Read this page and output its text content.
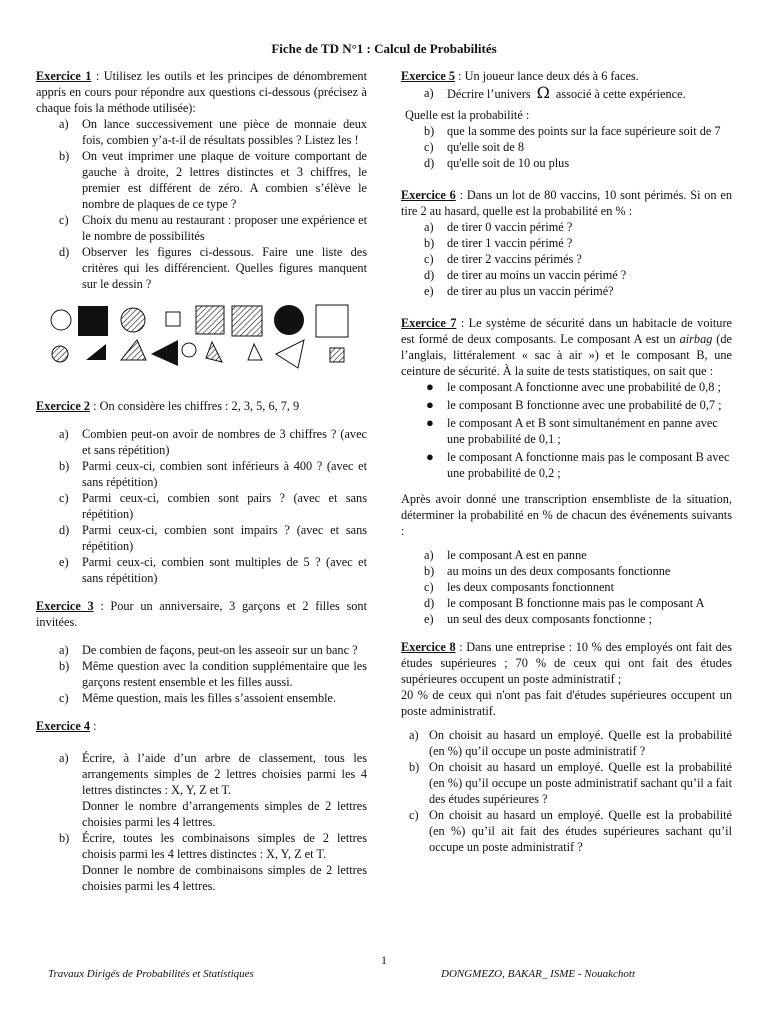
Fiche de TD N°1 : Calcul de Probabilités

Exercice 1 : Utilisez les outils et les principes de dénombrement appris en cours pour répondre aux questions ci-dessous (précisez à chaque fois la méthode utilisée):

a) On lance successivement une pièce de monnaie deux fois, combien y’a-t-il de résultats possibles ? Listez les !
b) On veut imprimer une plaque de voiture comportant de gauche à droite, 2 lettres distinctes et 3 chiffres, le premier est différent de zéro. A combien s’élève le nombre de plaques de ce type ?
c) Choix du menu au restaurant : proposer une expérience et le nombre de possibilités
d) Observer les figures ci-dessous. Faire une liste des critères qui les différencient. Quelles figures manquent sur le dessin ?

Exercice 2 : On considère les chiffres : 2, 3, 5, 6, 7, 9

a) Combien peut-on avoir de nombres de 3 chiffres ? (avec et sans répétition)
b) Parmi ceux-ci, combien sont inférieurs à 400 ? (avec et sans répétition)
c) Parmi ceux-ci, combien sont pairs ? (avec et sans répétition)
d) Parmi ceux-ci, combien sont impairs ? (avec et sans répétition)
e) Parmi ceux-ci, combien sont multiples de 5 ? (avec et sans répétition)

Exercice 3 : Pour un anniversaire, 3 garçons et 2 filles sont invitées.

a) De combien de façons, peut-on les asseoir sur un banc ?
b) Même question avec la condition supplémentaire que les garçons restent ensemble et les filles aussi.
c) Même question, mais les filles s’assoient ensemble.

Exercice 4 :

a) Écrire, à l’aide d’un arbre de classement, tous les arrangements simples de 2 lettres choisies parmi les 4 lettres distinctes : X, Y, Z et T.
Donner le nombre d’arrangements simples de 2 lettres choisies parmi les 4 lettres.
b) Écrire, toutes les combinaisons simples de 2 lettres choisis parmi les 4 lettres distinctes : X, Y, Z et T.
Donner le nombre de combinaisons simples de 2 lettres choisies parmi les 4 lettres.

Exercice 5 : Un joueur lance deux dés à 6 faces.

a) Décrire l’univers Ω associé à cette expérience.

Quelle est la probabilité :

b) que la somme des points sur la face supérieure soit de 7
c) qu'elle soit de 8
d) qu'elle soit de 10 ou plus

Exercice 6 : Dans un lot de 80 vaccins, 10 sont périmés. Si on en tire 2 au hasard, quelle est la probabilité en % :

a) de tirer 0 vaccin périmé ?
b) de tirer 1 vaccin périmé ?
c) de tirer 2 vaccins périmés ?
d) de tirer au moins un vaccin périmé ?
e) de tirer au plus un vaccin périmé?

Exercice 7 : Le système de sécurité dans un habitacle de voiture est formé de deux composants. Le composant A est un airbag (de l’anglais, littéralement « sac à air ») et le composant B, une ceinture de sécurité. À la suite de tests statistiques, on sait que :

● le composant A fonctionne avec une probabilité de 0,8 ;
● le composant B fonctionne avec une probabilité de 0,7 ;
● le composant A et B sont simultanément en panne avec une probabilité de 0,1 ;
● le composant A fonctionne mais pas le composant B avec une probabilité de 0,2 ;

Après avoir donné une transcription ensembliste de la situation, déterminer la probabilité en % de chacun des événements suivants :

a) le composant A est en panne
b) au moins un des deux composants fonctionne
c) les deux composants fonctionnent
d) le composant B fonctionne mais pas le composant A
e) un seul des deux composants fonctionne ;

Exercice 8 : Dans une entreprise : 10 % des employés ont fait des études supérieures ; 70 % de ceux qui ont fait des études supérieures occupent un poste administratif ;

20 % de ceux qui n'ont pas fait d'études supérieures occupent un poste administratif.

a) On choisit au hasard un employé. Quelle est la probabilité (en %) qu’il occupe un poste administratif ?
b) On choisit au hasard un employé. Quelle est la probabilité (en %) qu’il occupe un poste administratif sachant qu’il a fait des études supérieures ?
c) On choisit au hasard un employé. Quelle est la probabilité (en %) qu’il ait fait des études supérieures sachant qu’il occupe un poste administratif ?
1
Travaux Dirigés de Probabilités et Statistiques	DONGMEZO, BAKAR_ ISME - Nouakchott
